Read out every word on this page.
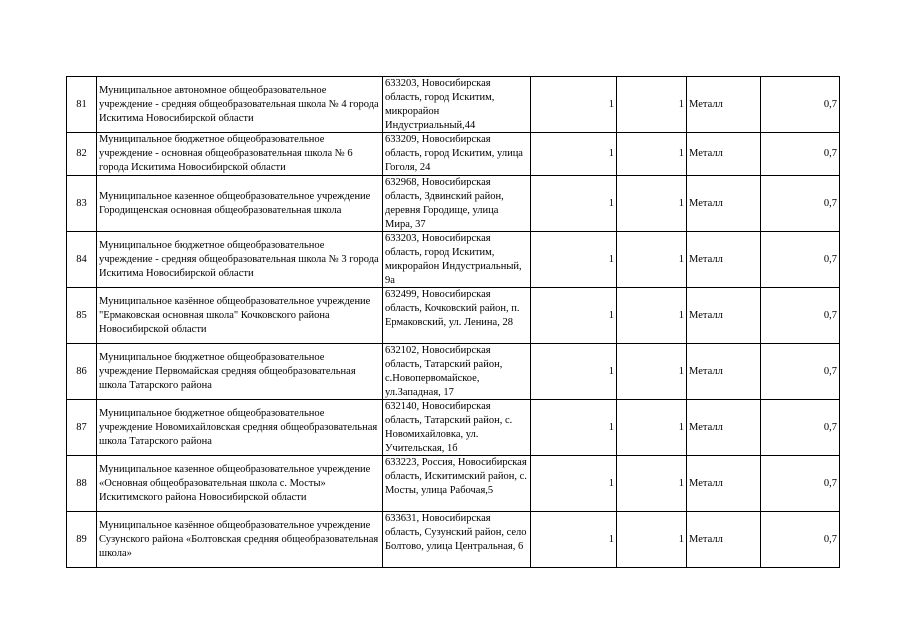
81	Муниципальное автономное общеобразовательное учреждение - средняя общеобразовательная школа № 4 города Искитима Новосибирской области	633203, Новосибирская область, город Искитим, микрорайон Индустриальный,44	1	1	Металл	0,7
82	Муниципальное бюджетное общеобразовательное учреждение - основная общеобразовательная школа № 6 города Искитима Новосибирской области	633209, Новосибирская область, город Искитим, улица Гоголя, 24	1	1	Металл	0,7
83	Муниципальное казенное общеобразовательное учреждение Городищенская основная общеобразовательная школа	632968, Новосибирская область, Здвинский район, деревня Городище, улица Мира, 37	1	1	Металл	0,7
84	Муниципальное бюджетное общеобразовательное учреждение - средняя общеобразовательная школа № 3 города Искитима Новосибирской области	633203, Новосибирская область, город Искитим, микрорайон Индустриальный, 9а	1	1	Металл	0,7
85	Муниципальное казённое общеобразовательное учреждение "Ермаковская основная школа" Кочковского района Новосибирской области	632499, Новосибирская область, Кочковский район, п. Ермаковский, ул. Ленина, 28	1	1	Металл	0,7
86	Муниципальное бюджетное общеобразовательное учреждение Первомайская средняя общеобразовательная школа Татарского района	632102, Новосибирская область, Татарский район, с.Новопервомайское, ул.Западная, 17	1	1	Металл	0,7
87	Муниципальное бюджетное общеобразовательное учреждение Новомихайловская средняя общеобразовательная школа Татарского района	632140, Новосибирская область, Татарский район, с. Новомихайловка, ул. Учительская, 1б	1	1	Металл	0,7
88	Муниципальное казенное общеобразовательное учреждение «Основная общеобразовательная школа с. Мосты» Искитимского района Новосибирской области	633223, Россия, Новосибирская область, Искитимский район, с. Мосты, улица Рабочая,5	1	1	Металл	0,7
89	Муниципальное казённое общеобразовательное учреждение Сузунского района «Болтовская средняя общеобразовательная школа»	633631, Новосибирская область, Сузунский район, село Болтово, улица Центральная, 6	1	1	Металл	0,7
